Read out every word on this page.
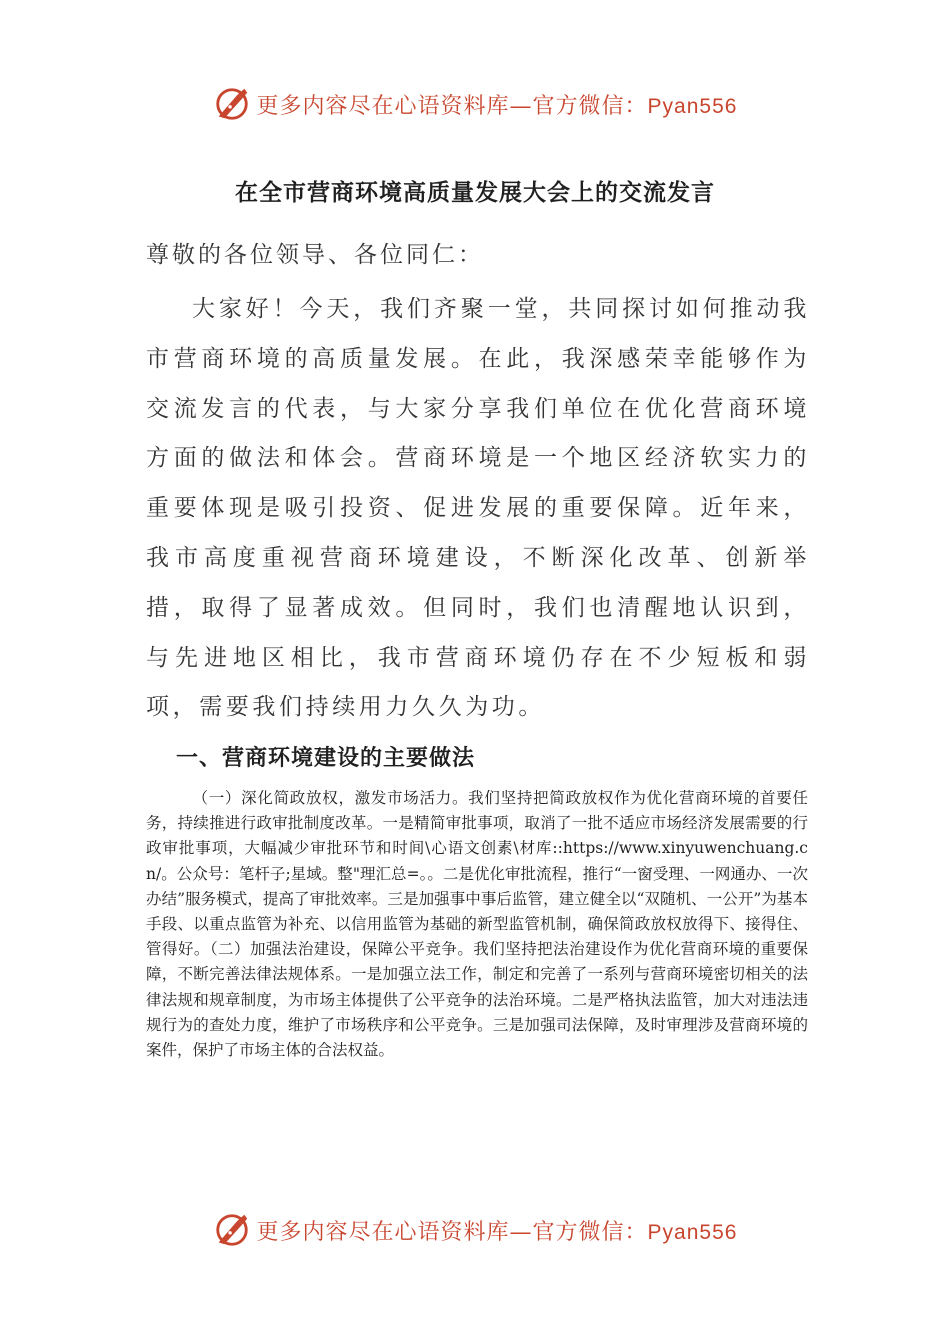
更多内容尽在心语资料库—官方微信：Pyan556
在全市营商环境高质量发展大会上的交流发言
尊敬的各位领导、各位同仁：

大家好！今天，我们齐聚一堂，共同探讨如何推动我市营商环境的高质量发展。在此，我深感荣幸能够作为交流发言的代表，与大家分享我们单位在优化营商环境方面的做法和体会。营商环境是一个地区经济软实力的重要体现是吸引投资、促进发展的重要保障。近年来，我市高度重视营商环境建设，不断深化改革、创新举措，取得了显著成效。但同时，我们也清醒地认识到，与先进地区相比，我市营商环境仍存在不少短板和弱项，需要我们持续用力久久为功。

一、营商环境建设的主要做法

（一）深化简政放权，激发市场活力。我们坚持把简政放权作为优化营商环境的首要任务，持续推进行政审批制度改革。一是精简审批事项，取消了一批不适应市场经济发展需要的行政审批事项，大幅减少审批环节和时间\心语文创素\材库::https://www.xinyuwenchuang.cn/。公众号：笔杆子;星域。整"理汇总=。。二是优化审批流程，推行“一窗受理、一网通办、一次办结”服务模式，提高了审批效率。三是加强事中事后监管，建立健全以“双随机、一公开”为基本手段、以重点监管为补充、以信用监管为基础的新型监管机制，确保简政放权放得下、接得住、管得好。（二）加强法治建设，保障公平竞争。我们坚持把法治建设作为优化营商环境的重要保障，不断完善法律法规体系。一是加强立法工作，制定和完善了一系列与营商环境密切相关的法律法规和规章制度，为市场主体提供了公平竞争的法治环境。二是严格执法监管，加大对违法违规行为的查处力度，维护了市场秩序和公平竞争。三是加强司法保障，及时审理涉及营商环境的案件，保护了市场主体的合法权益。

更多内容尽在心语资料库—官方微信：Pyan556
